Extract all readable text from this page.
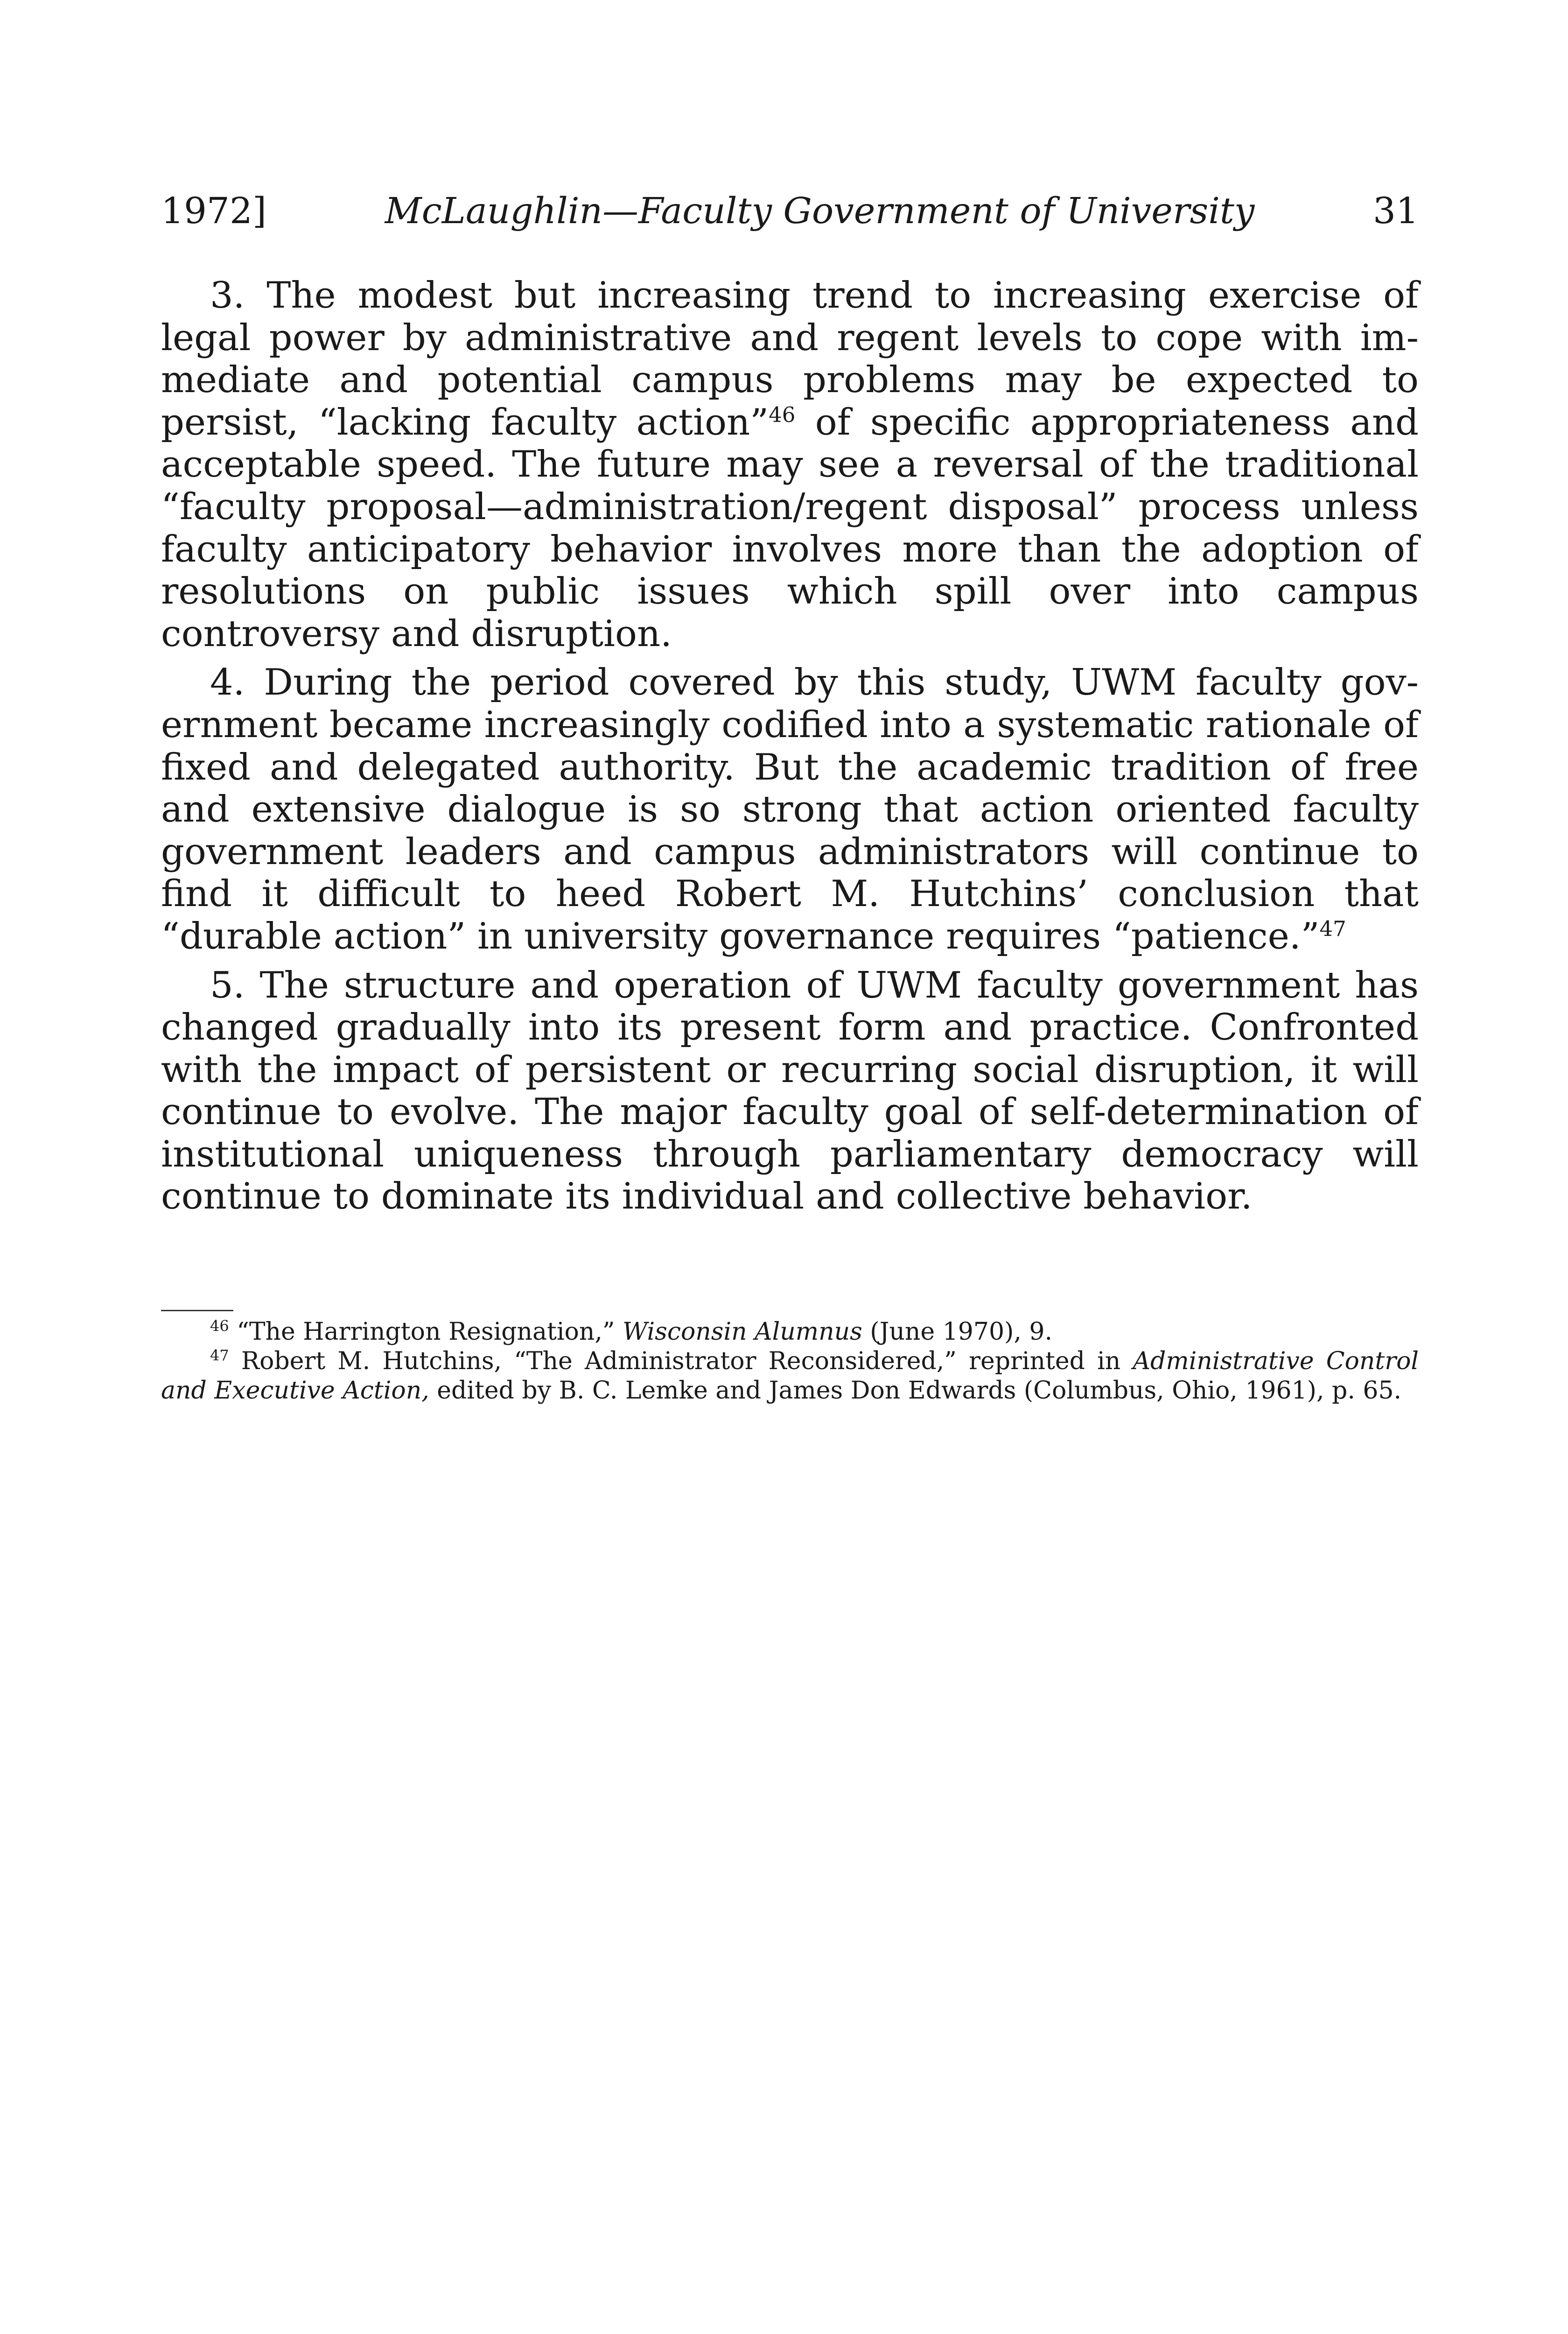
1972]	McLaughlin—Faculty Government of University	31

3. The modest but increasing trend to increasing exercise of legal power by administrative and regent levels to cope with immediate and potential campus problems may be expected to persist, “lacking faculty action”$^{46}$ of specific appropriateness and acceptable speed. The future may see a reversal of the traditional “faculty proposal—administration/regent disposal” process unless faculty anticipatory behavior involves more than the adoption of resolutions on public issues which spill over into campus controversy and disruption.

4. During the period covered by this study, UWM faculty government became increasingly codified into a systematic rationale of fixed and delegated authority. But the academic tradition of free and extensive dialogue is so strong that action oriented faculty government leaders and campus administrators will continue to find it difficult to heed Robert M. Hutchins’ conclusion that “durable action” in university governance requires “patience.”$^{47}$

5. The structure and operation of UWM faculty government has changed gradually into its present form and practice. Confronted with the impact of persistent or recurring social disruption, it will continue to evolve. The major faculty goal of self-determination of institutional uniqueness through parliamentary democracy will continue to dominate its individual and collective behavior.

$^{46}$ “The Harrington Resignation,” Wisconsin Alumnus (June 1970), 9.

$^{47}$ Robert M. Hutchins, “The Administrator Reconsidered,” reprinted in Administrative Control and Executive Action, edited by B. C. Lemke and James Don Edwards (Columbus, Ohio, 1961), p. 65.
